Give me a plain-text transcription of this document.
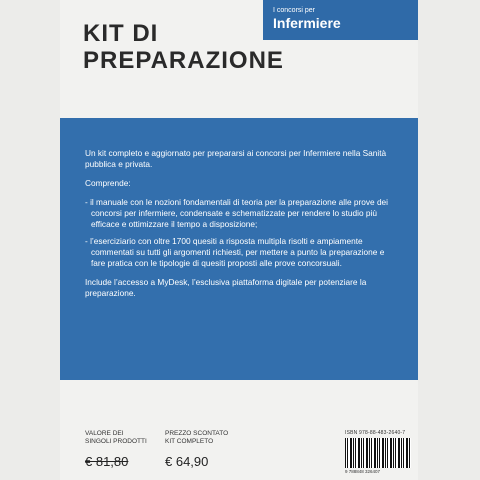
I concorsi per
Infermiere
KIT DI
PREPARAZIONE

Un kit completo e aggiornato per prepararsi ai concorsi per Infermiere nella Sanità pubblica e privata.

Comprende:

- il manuale con le nozioni fondamentali di teoria per la preparazione alle prove dei concorsi per infermiere, condensate e schematizzate per rendere lo studio più efficace e ottimizzare il tempo a disposizione;
- l’eserciziario con oltre 1700 quesiti a risposta multipla risolti e ampiamente commentati su tutti gli argomenti richiesti, per mettere a punto la preparazione e fare pratica con le tipologie di quesiti proposti alle prove concorsuali.

Include l’accesso a MyDesk, l’esclusiva piattaforma digitale per potenziare la preparazione.

VALORE DEI
SINGOLI PRODOTTI
€ 81,80
PREZZO SCONTATO
KIT COMPLETO
€ 64,90
ISBN 978-88-483-2640-7
9 788848 326407
